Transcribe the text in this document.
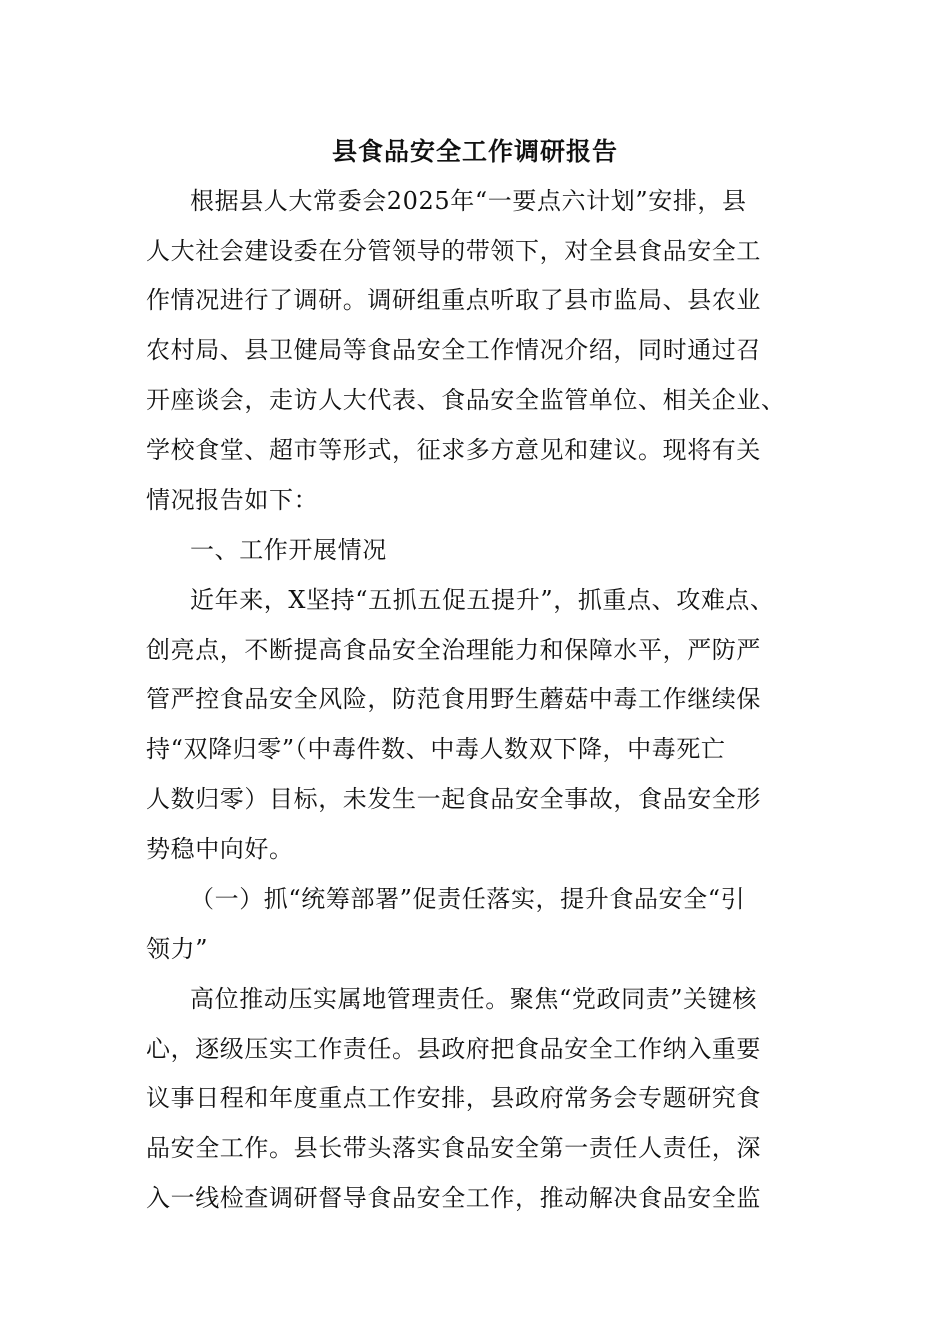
县食品安全工作调研报告
根据县人大常委会2025年“一要点六计划”安排，县
人大社会建设委在分管领导的带领下，对全县食品安全工
作情况进行了调研。调研组重点听取了县市监局、县农业
农村局、县卫健局等食品安全工作情况介绍，同时通过召
开座谈会，走访人大代表、食品安全监管单位、相关企业、
学校食堂、超市等形式，征求多方意见和建议。现将有关
情况报告如下：
一、工作开展情况
近年来，X坚持“五抓五促五提升”，抓重点、攻难点、
创亮点，不断提高食品安全治理能力和保障水平，严防严
管严控食品安全风险，防范食用野生蘑菇中毒工作继续保
持“双降归零”（中毒件数、中毒人数双下降，中毒死亡
人数归零）目标，未发生一起食品安全事故，食品安全形
势稳中向好。
（一）抓“统筹部署”促责任落实，提升食品安全“引
领力”
高位推动压实属地管理责任。聚焦“党政同责”关键核
心，逐级压实工作责任。县政府把食品安全工作纳入重要
议事日程和年度重点工作安排，县政府常务会专题研究食
品安全工作。县长带头落实食品安全第一责任人责任，深
入一线检查调研督导食品安全工作，推动解决食品安全监
